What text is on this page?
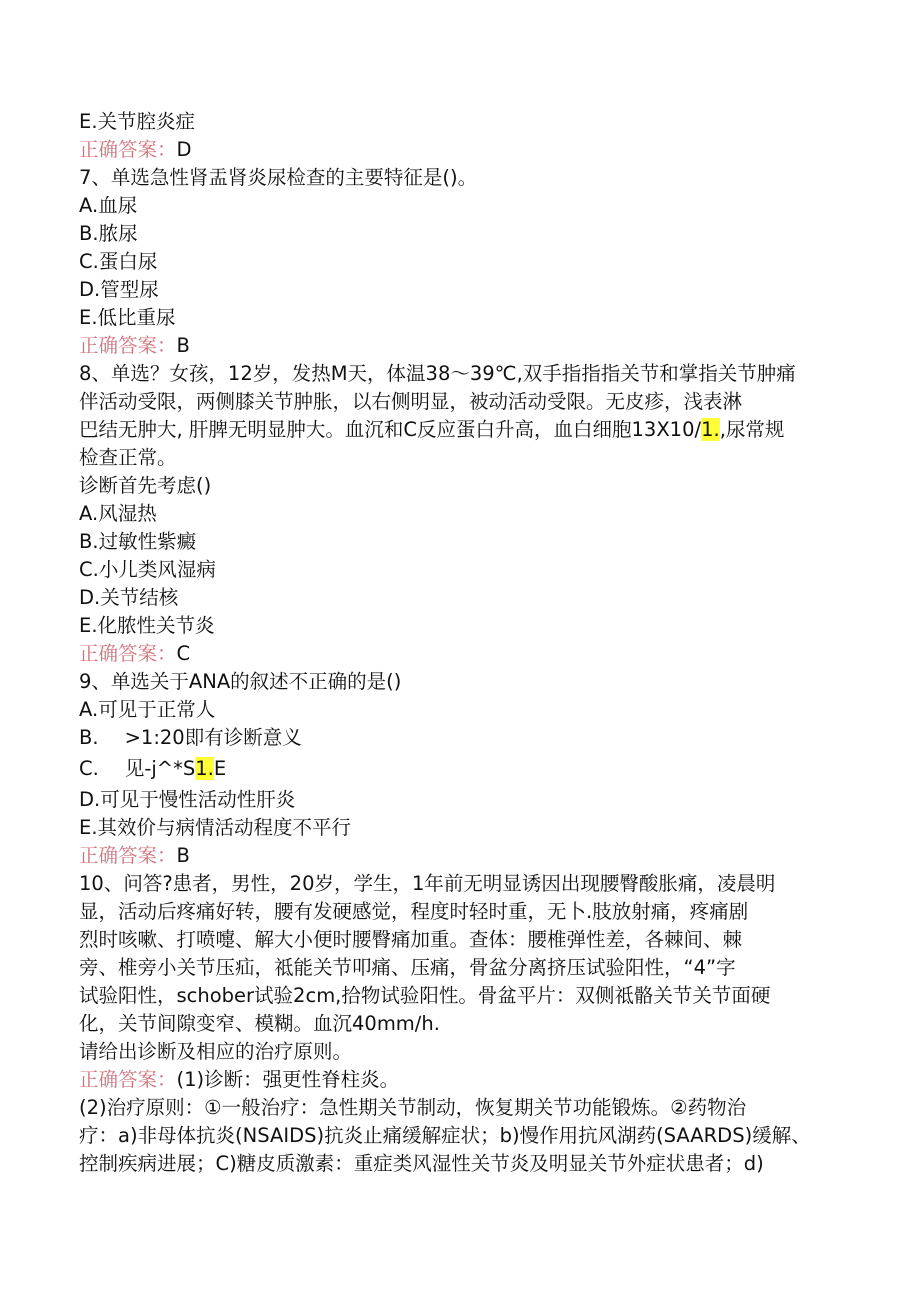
E.关节腔炎症
正确答案：D
7、单选急性肾盂肾炎尿检查的主要特征是()。
A.血尿
B.脓尿
C.蛋白尿
D.管型尿
E.低比重尿
正确答案：B
8、单选？女孩，12岁，发热M天，体温38〜39℃,双手指指指关节和掌指关节肿痛
伴活动受限，两侧膝关节肿胀，以右侧明显，被动活动受限。无皮疹，浅表淋
巴结无肿大, 肝脾无明显肿大。血沉和C反应蛋白升高，血白细胞13X10/1.,尿常规
检查正常。
诊断首先考虑()
A.风湿热
B.过敏性紫癜
C.小儿类风湿病
D.关节结核
E.化脓性关节炎
正确答案：C
9、单选关于ANA的叙述不正确的是()
A.可见于正常人
B. >1:20即有诊断意义
C. 见-j^*S1.E
D.可见于慢性活动性肝炎
E.其效价与病情活动程度不平行
正确答案：B
10、问答?患者，男性，20岁，学生，1年前无明显诱因出现腰臀酸胀痛，凌晨明
显，活动后疼痛好转，腰有发硬感觉，程度时轻时重，无卜.肢放射痛，疼痛剧
烈时咳嗽、打喷嚏、解大小便时腰臀痛加重。查体：腰椎弹性差，各棘间、棘
旁、椎旁小关节压疝，祗能关节叩痛、压痛，骨盆分离挤压试验阳性，“4”字
试验阳性，schober试验2cm,拾物试验阳性。骨盆平片：双侧祗骼关节关节面硬
化，关节间隙变窄、模糊。血沉40mm∕h.
请给出诊断及相应的治疗原则。
正确答案：(1)诊断：强更性脊柱炎。
(2)治疗原则：①一般治疗：急性期关节制动，恢复期关节功能锻炼。②药物治
疗：a)非母体抗炎(NSAIDS)抗炎止痛缓解症状；b)慢作用抗风湖药(SAARDS)缓解、
控制疾病进展；C)糖皮质激素：重症类风湿性关节炎及明显关节外症状患者；d)
